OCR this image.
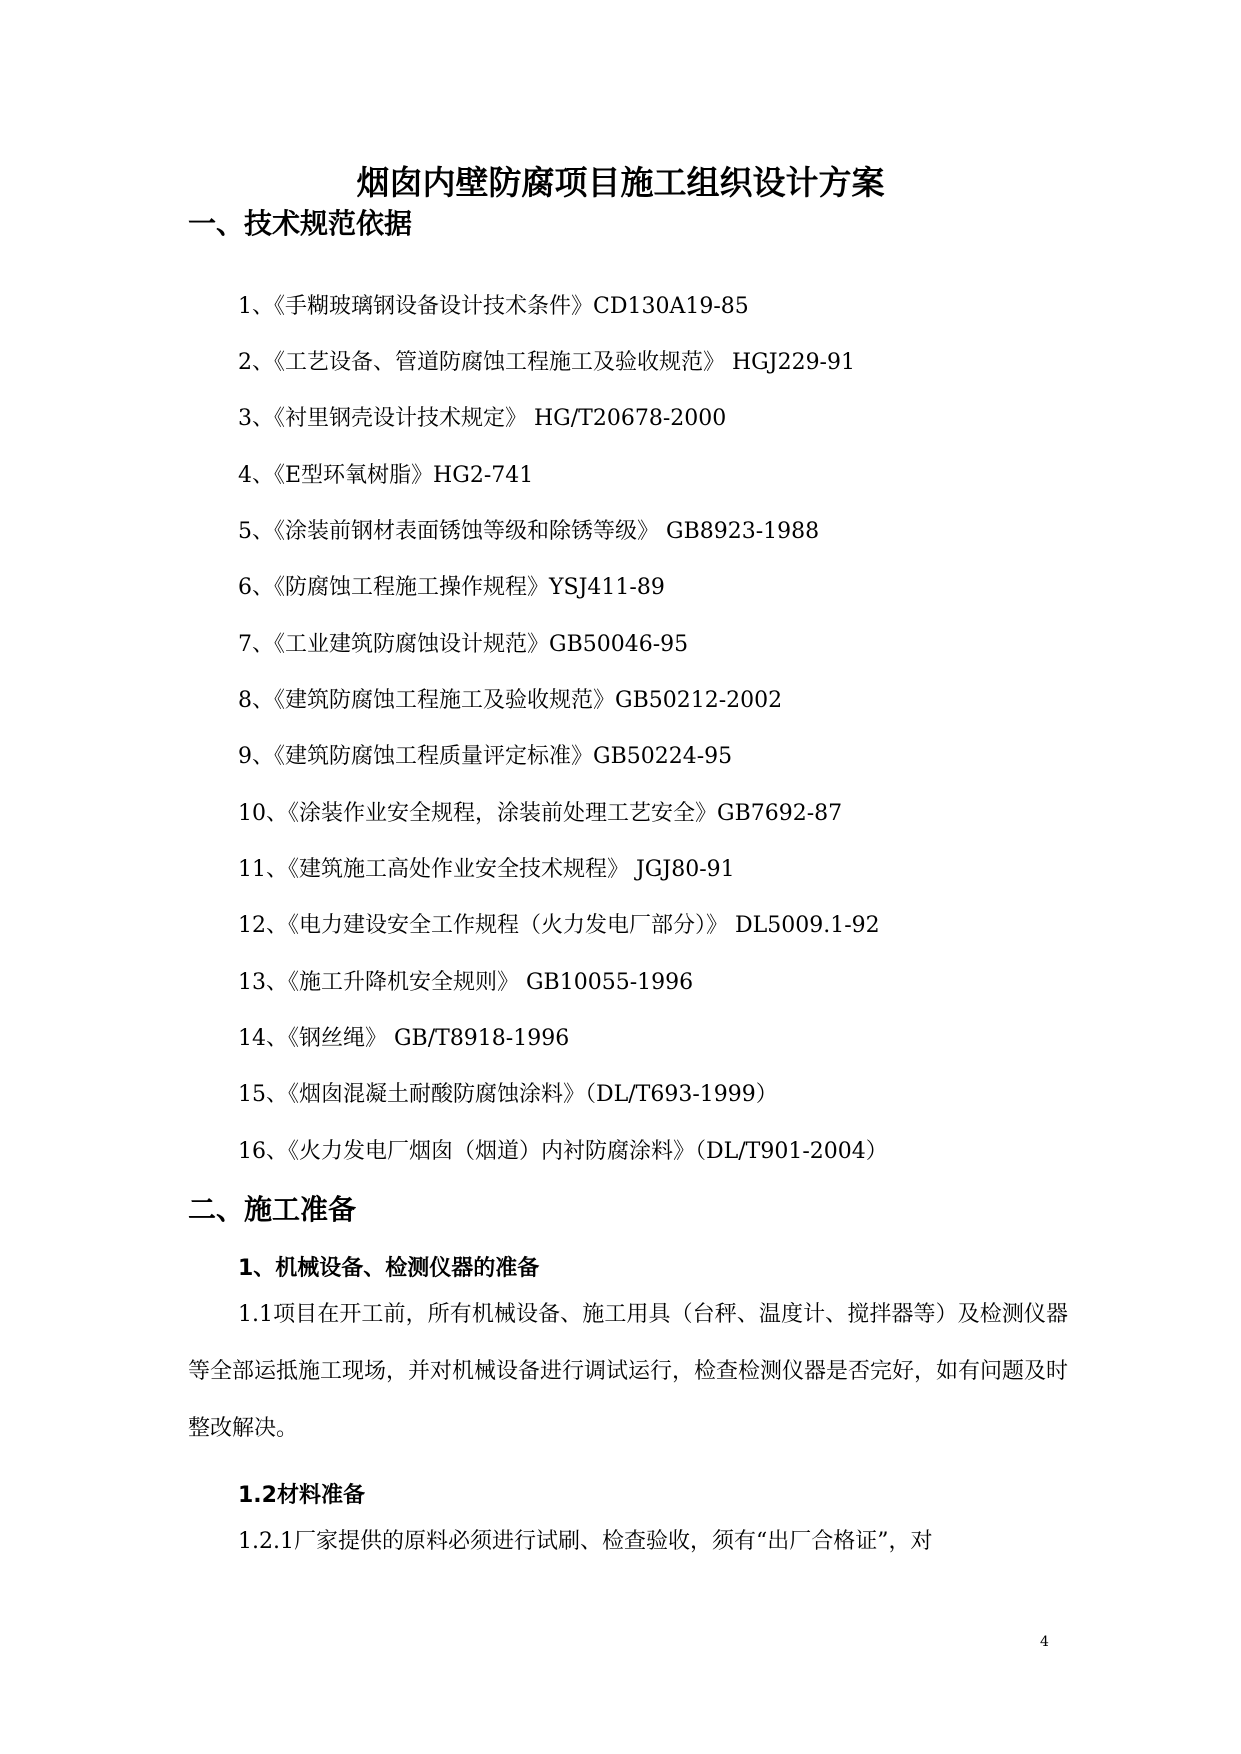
烟囱内壁防腐项目施工组织设计方案
一、技术规范依据
1、《手糊玻璃钢设备设计技术条件》CD130A19-85
2、《工艺设备、管道防腐蚀工程施工及验收规范》 HGJ229-91
3、《衬里钢壳设计技术规定》 HG/T20678-2000
4、《E型环氧树脂》HG2-741
5、《涂装前钢材表面锈蚀等级和除锈等级》 GB8923-1988
6、《防腐蚀工程施工操作规程》YSJ411-89
7、《工业建筑防腐蚀设计规范》GB50046-95
8、《建筑防腐蚀工程施工及验收规范》GB50212-2002
9、《建筑防腐蚀工程质量评定标准》GB50224-95
10、《涂装作业安全规程，涂装前处理工艺安全》GB7692-87
11、《建筑施工高处作业安全技术规程》 JGJ80-91
12、《电力建设安全工作规程（火力发电厂部分）》 DL5009.1-92
13、《施工升降机安全规则》 GB10055-1996
14、《钢丝绳》 GB/T8918-1996
15、《烟囱混凝土耐酸防腐蚀涂料》（DL/T693-1999）
16、《火力发电厂烟囱（烟道）内衬防腐涂料》（DL/T901-2004）
二、施工准备
1、机械设备、检测仪器的准备
1.1项目在开工前，所有机械设备、施工用具（台秤、温度计、搅拌器等）及检测仪器等全部运抵施工现场，并对机械设备进行调试运行，检查检测仪器是否完好，如有问题及时整改解决。
1.2材料准备
1.2.1厂家提供的原料必须进行试刷、检查验收，须有“出厂合格证”，对
4
